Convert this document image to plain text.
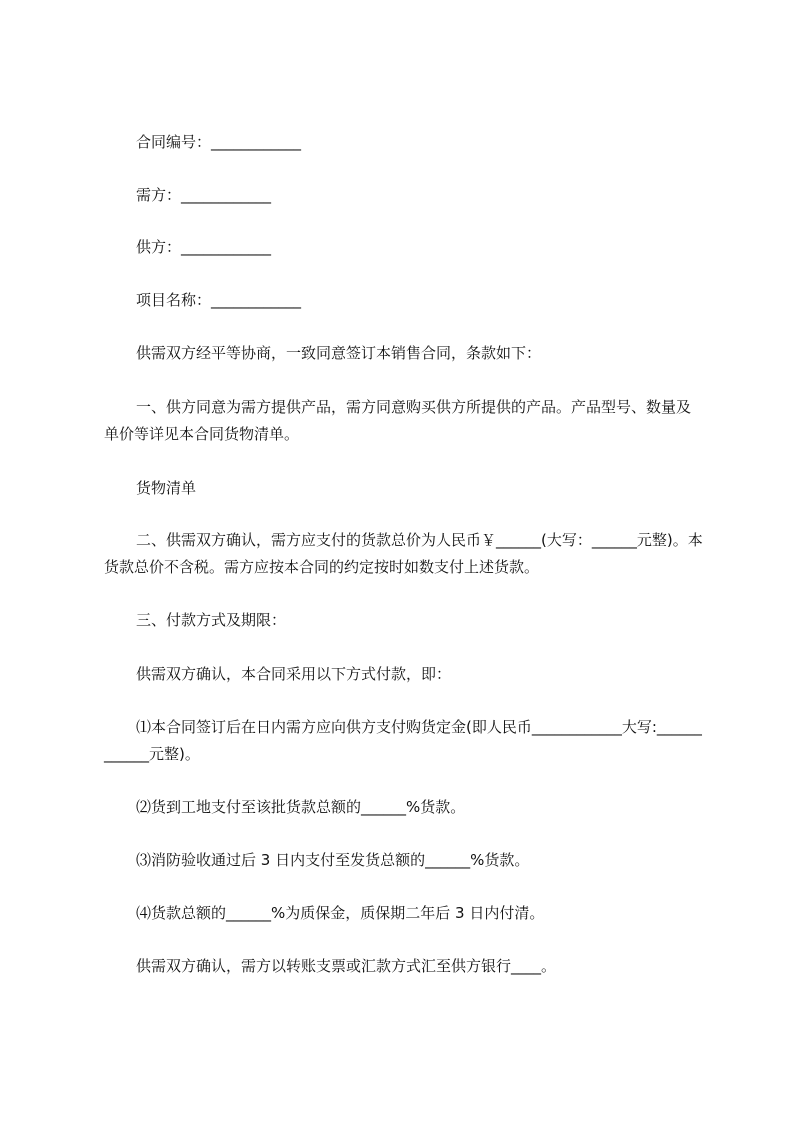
合同编号：____________
需方：____________
供方：____________
项目名称：____________
供需双方经平等协商，一致同意签订本销售合同，条款如下：
一、供方同意为需方提供产品，需方同意购买供方所提供的产品。产品型号、数量及单价等详见本合同货物清单。
货物清单
二、供需双方确认，需方应支付的货款总价为人民币￥______(大写：______元整)。本货款总价不含税。需方应按本合同的约定按时如数支付上述货款。
三、付款方式及期限：
供需双方确认，本合同采用以下方式付款，即：
⑴本合同签订后在日内需方应向供方支付购货定金(即人民币____________大写:____________元整)。
⑵货到工地支付至该批货款总额的______%货款。
⑶消防验收通过后 3 日内支付至发货总额的______%货款。
⑷货款总额的______%为质保金，质保期二年后 3 日内付清。
供需双方确认，需方以转账支票或汇款方式汇至供方银行____。
